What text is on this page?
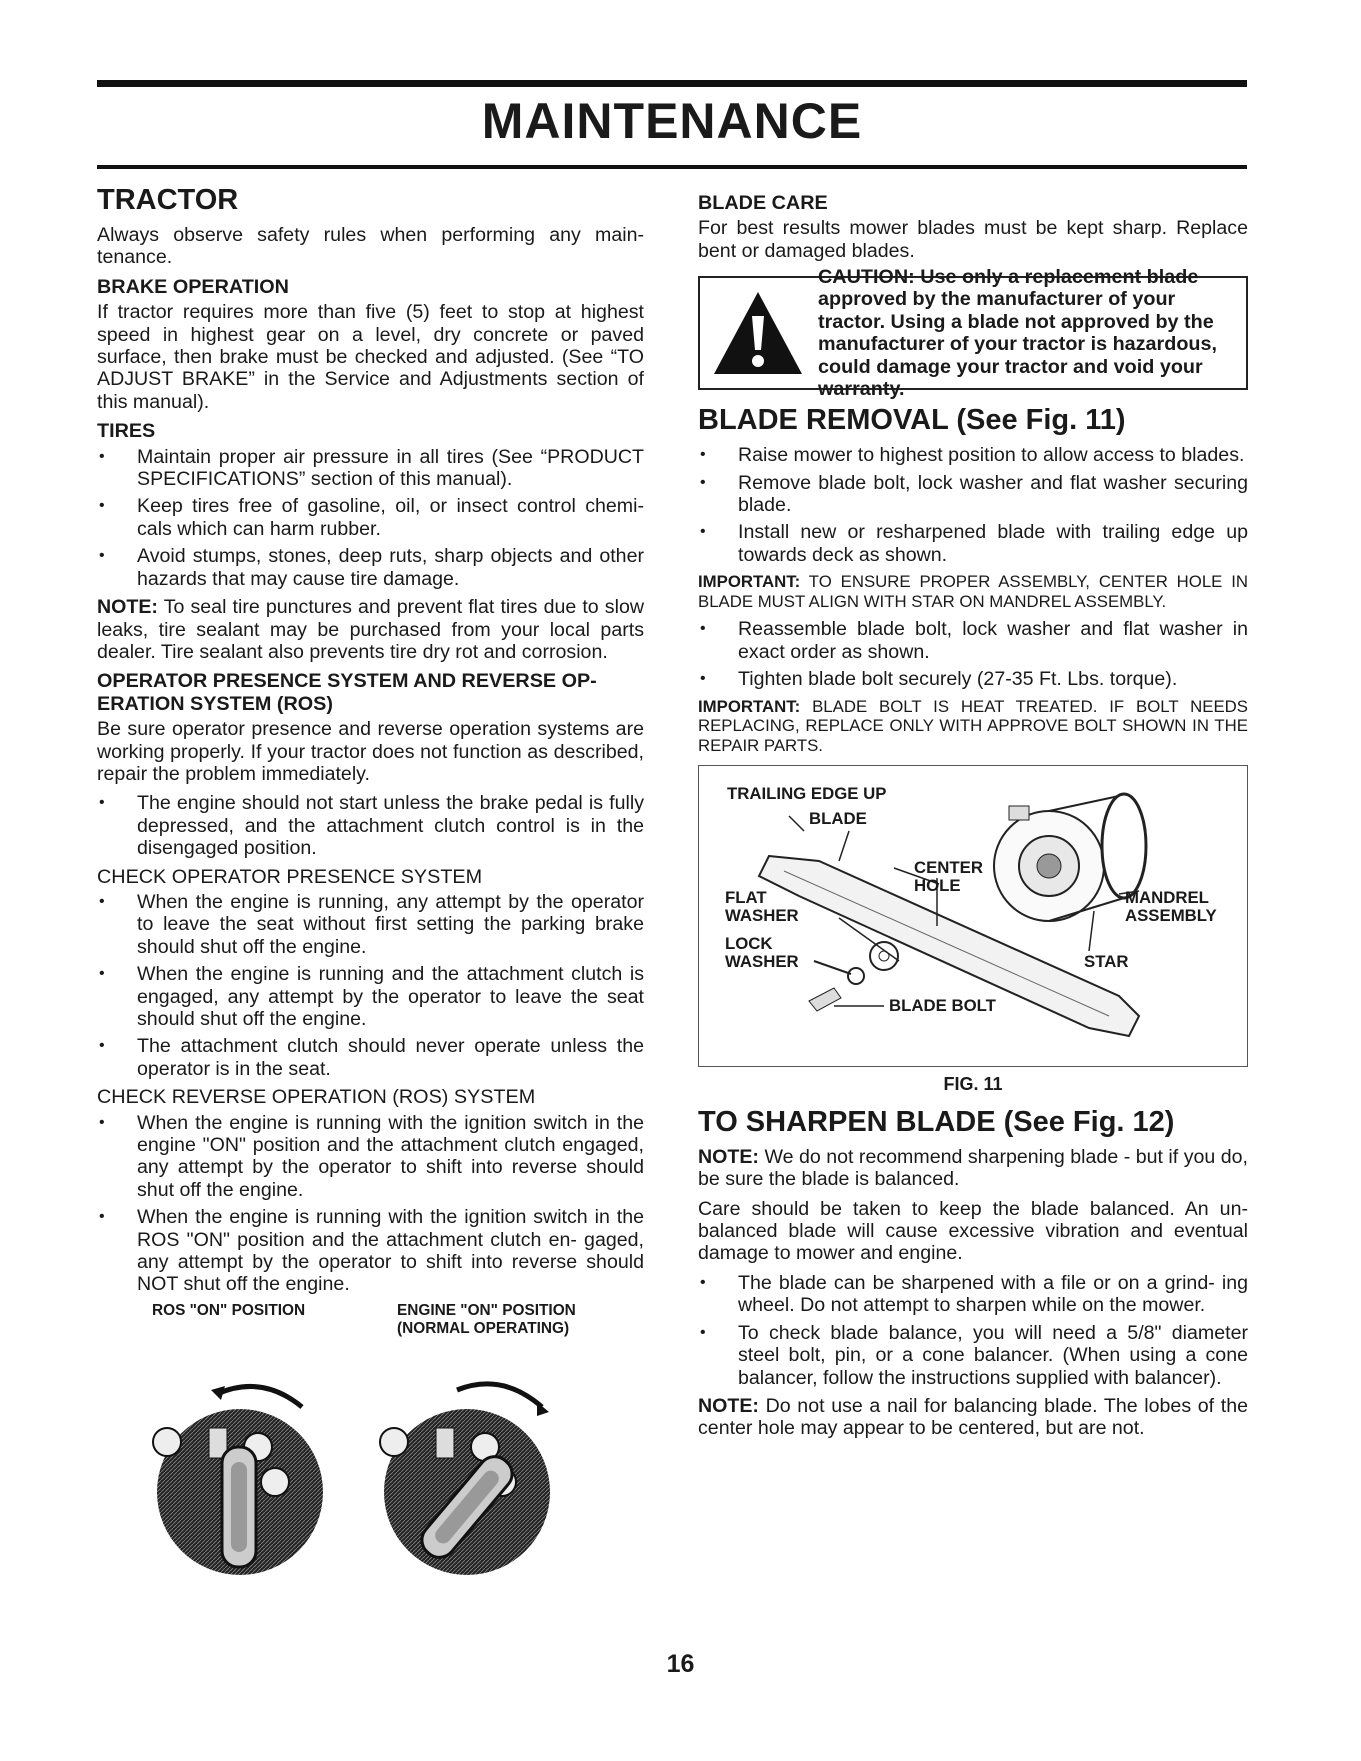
MAINTENANCE
TRACTOR

Always observe safety rules when performing any main- tenance.

BRAKE OPERATION

If tractor requires more than five (5) feet to stop at highest speed in highest gear on a level, dry concrete or paved surface, then brake must be checked and adjusted. (See “TO ADJUST BRAKE” in the Service and Adjustments section of this manual).

TIRES
• Maintain proper air pressure in all tires (See “PRODUCT SPECIFICATIONS” section of this manual).
• Keep tires free of gasoline, oil, or insect control chemi- cals which can harm rubber.
• Avoid stumps, stones, deep ruts, sharp objects and other hazards that may cause tire damage.

NOTE: To seal tire punctures and prevent flat tires due to slow leaks, tire sealant may be purchased from your local parts dealer. Tire sealant also prevents tire dry rot and corrosion.

OPERATOR PRESENCE SYSTEM AND REVERSE OP- ERATION SYSTEM (ROS)

Be sure operator presence and reverse operation systems are working properly. If your tractor does not function as described, repair the problem immediately.

• The engine should not start unless the brake pedal is fully depressed, and the attachment clutch control is in the disengaged position.
CHECK OPERATOR PRESENCE SYSTEM
• When the engine is running, any attempt by the operator to leave the seat without first setting the parking brake should shut off the engine.
• When the engine is running and the attachment clutch is engaged, any attempt by the operator to leave the seat should shut off the engine.
• The attachment clutch should never operate unless the operator is in the seat.
CHECK REVERSE OPERATION (ROS) SYSTEM
• When the engine is running with the ignition switch in the engine "ON" position and the attachment clutch engaged, any attempt by the operator to shift into reverse should shut off the engine.
• When the engine is running with the ignition switch in the ROS "ON" position and the attachment clutch en- gaged, any attempt by the operator to shift into reverse should NOT shut off the engine.
ROS "ON" POSITION	ENGINE "ON" POSITION
(NORMAL OPERATING)
BLADE CARE

For best results mower blades must be kept sharp. Replace bent or damaged blades.

CAUTION: Use only a replacement blade approved by the manufacturer of your tractor. Using a blade not approved by the manufacturer of your tractor is hazardous, could damage your tractor and void your warranty.
BLADE REMOVAL (See Fig. 11)
• Raise mower to highest position to allow access to blades.
• Remove blade bolt, lock washer and flat washer securing blade.
• Install new or resharpened blade with trailing edge up towards deck as shown.

IMPORTANT: TO ENSURE PROPER ASSEMBLY, CENTER HOLE IN BLADE MUST ALIGN WITH STAR ON MANDREL ASSEMBLY.

• Reassemble blade bolt, lock washer and flat washer in exact order as shown.
• Tighten blade bolt securely (27-35 Ft. Lbs. torque).

IMPORTANT: BLADE BOLT IS HEAT TREATED. IF BOLT NEEDS REPLACING, REPLACE ONLY WITH APPROVE BOLT SHOWN IN THE REPAIR PARTS.

TRAILING EDGE UP
BLADE
CENTER
HOLE
FLAT
WASHER
MANDREL
ASSEMBLY
LOCK
WASHER	STAR
BLADE BOLT

FIG. 11

TO SHARPEN BLADE (See Fig. 12)

NOTE: We do not recommend sharpening blade - but if you do, be sure the blade is balanced.

Care should be taken to keep the blade balanced. An un- balanced blade will cause excessive vibration and eventual damage to mower and engine.

• The blade can be sharpened with a file or on a grind- ing wheel. Do not attempt to sharpen while on the mower.
• To check blade balance, you will need a 5/8" diameter steel bolt, pin, or a cone balancer. (When using a cone balancer, follow the instructions supplied with balancer).

NOTE: Do not use a nail for balancing blade. The lobes of the center hole may appear to be centered, but are not.

16
